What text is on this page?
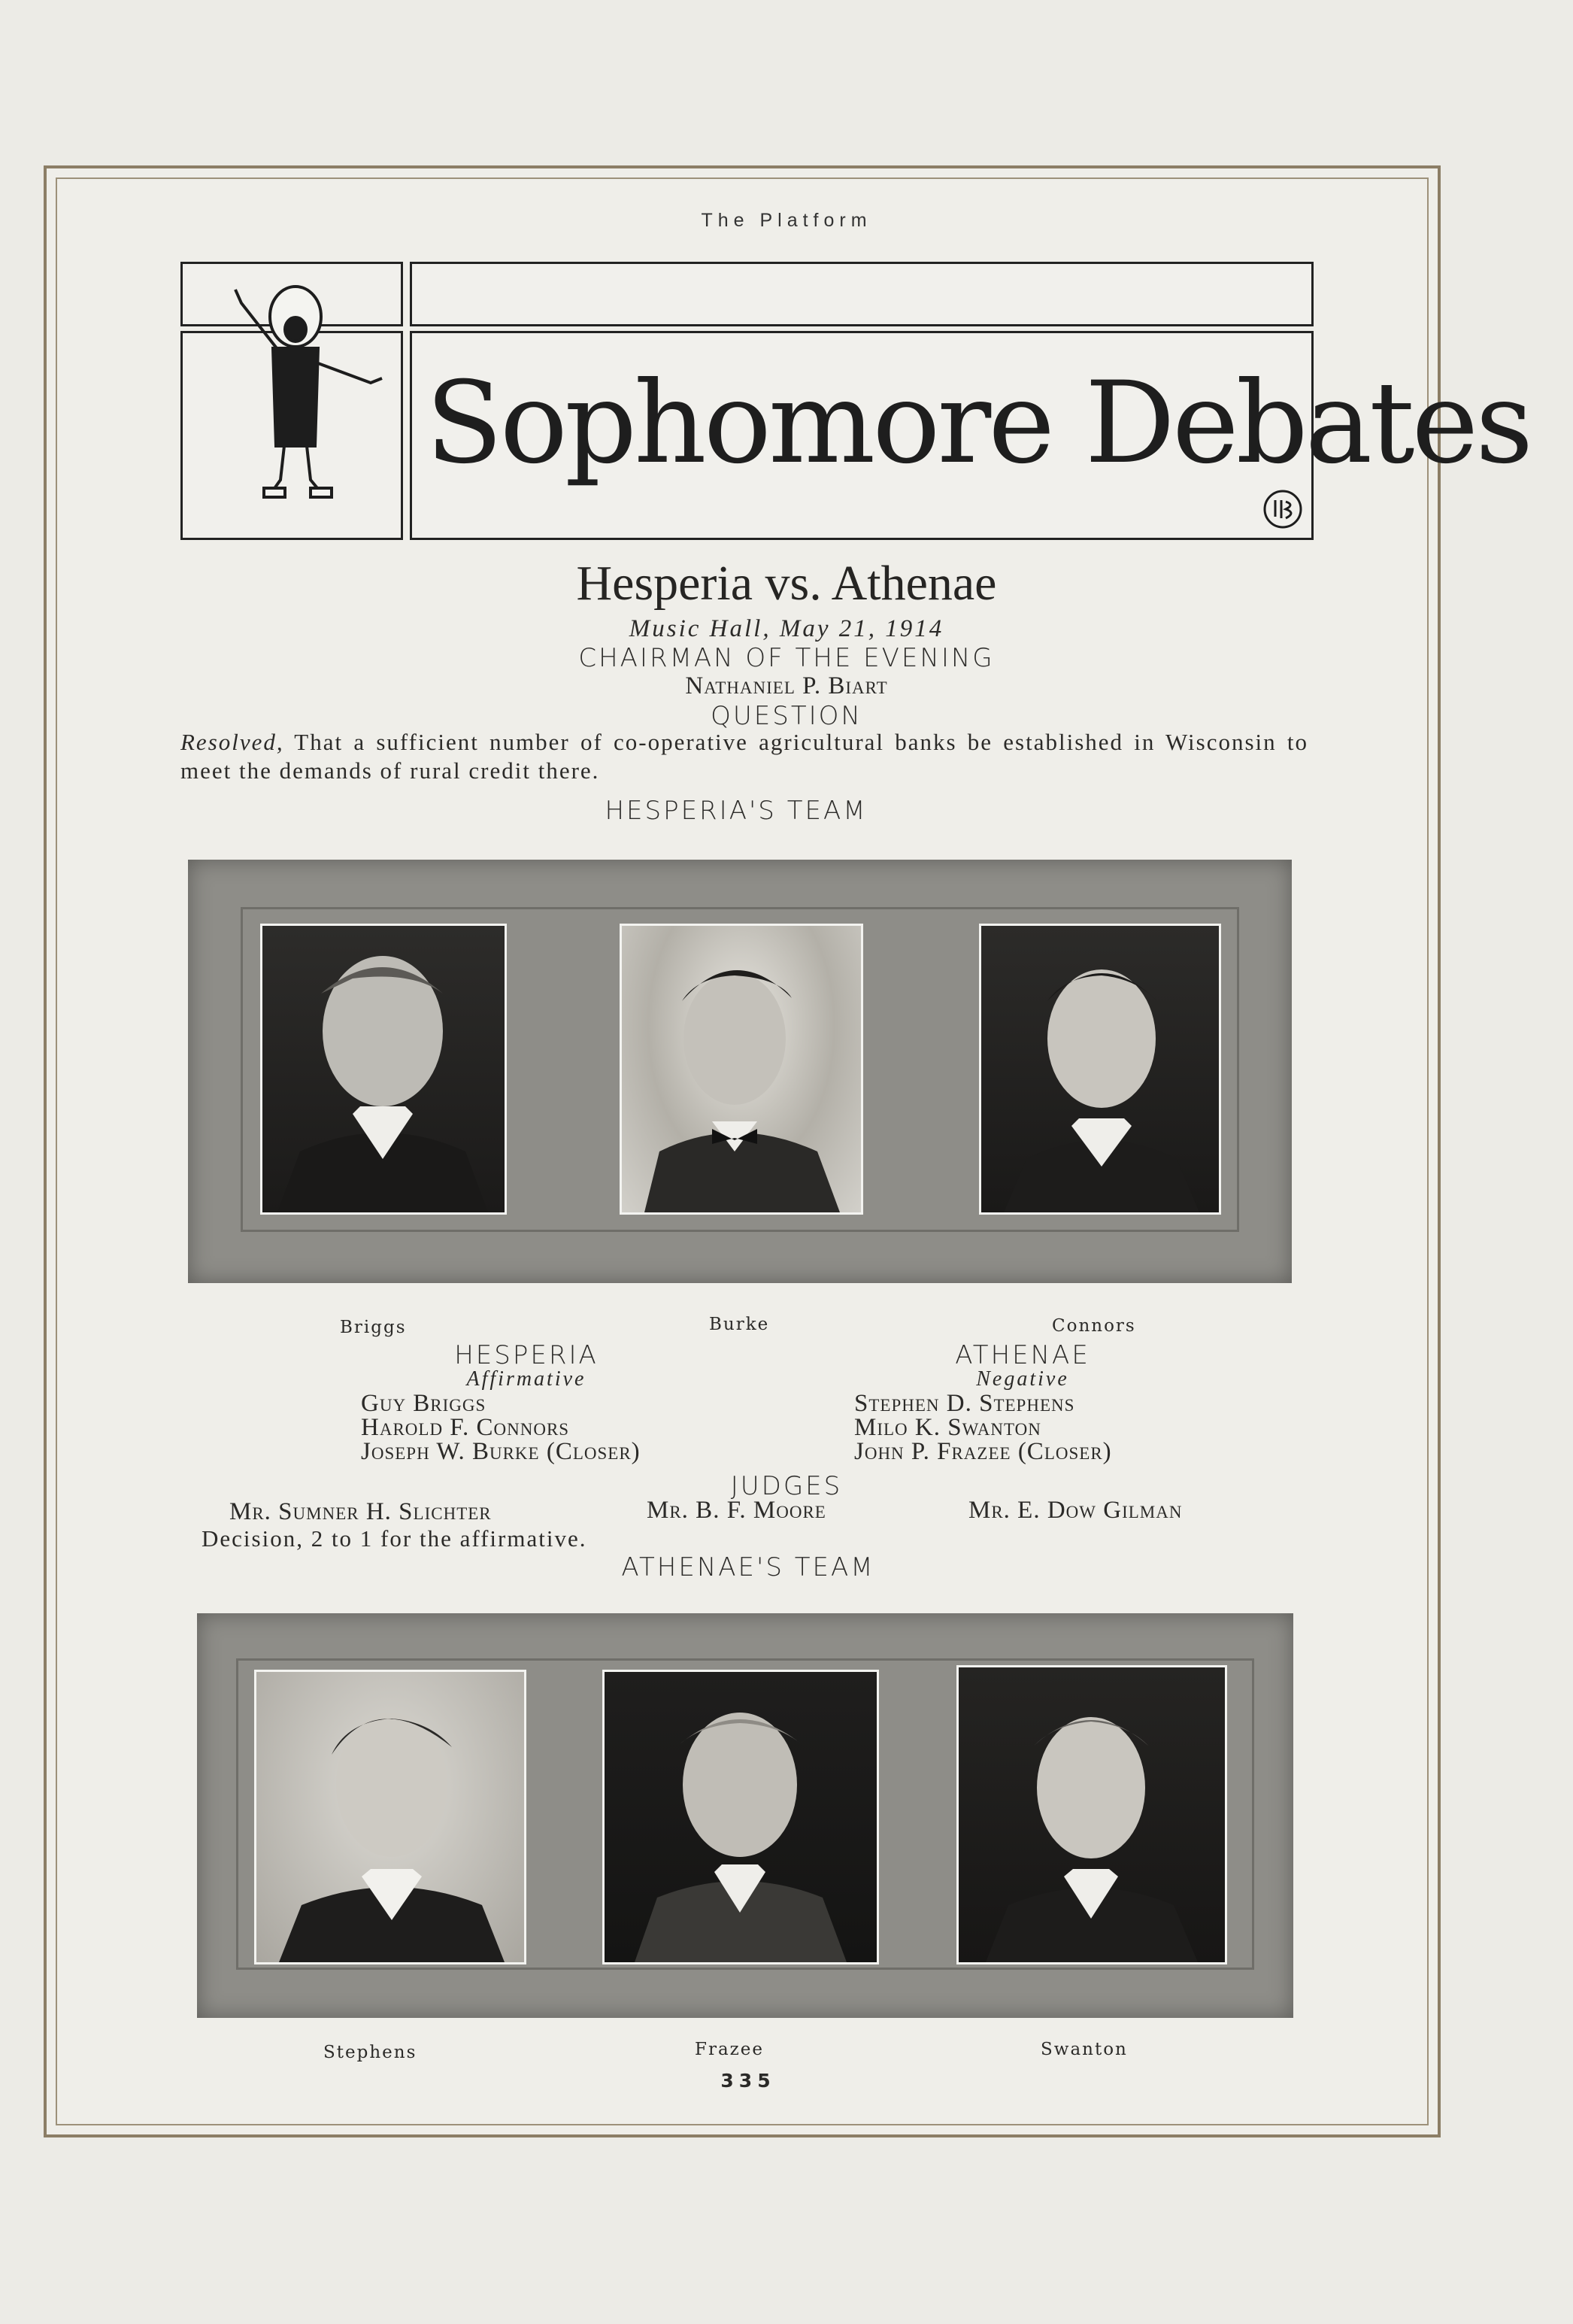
The Platform
Sophomore Debates
Hesperia vs. Athenae
Music Hall, May 21, 1914
CHAIRMAN OF THE EVENING
Nathaniel P. Biart
QUESTION
Resolved, That a sufficient number of co-operative agricultural banks be established in Wisconsin to meet the demands of rural credit there.
HESPERIA'S TEAM
Briggs	Burke	Connors
HESPERIA
Affirmative
Guy Briggs
Harold F. Connors
Joseph W. Burke (Closer)
ATHENAE
Negative
Stephen D. Stephens
Milo K. Swanton
John P. Frazee (Closer)
JUDGES
Mr. Sumner H. Slichter	Mr. B. F. Moore	Mr. E. Dow Gilman
Decision, 2 to 1 for the affirmative.
ATHENAE'S TEAM
Stephens	Frazee	Swanton
335
